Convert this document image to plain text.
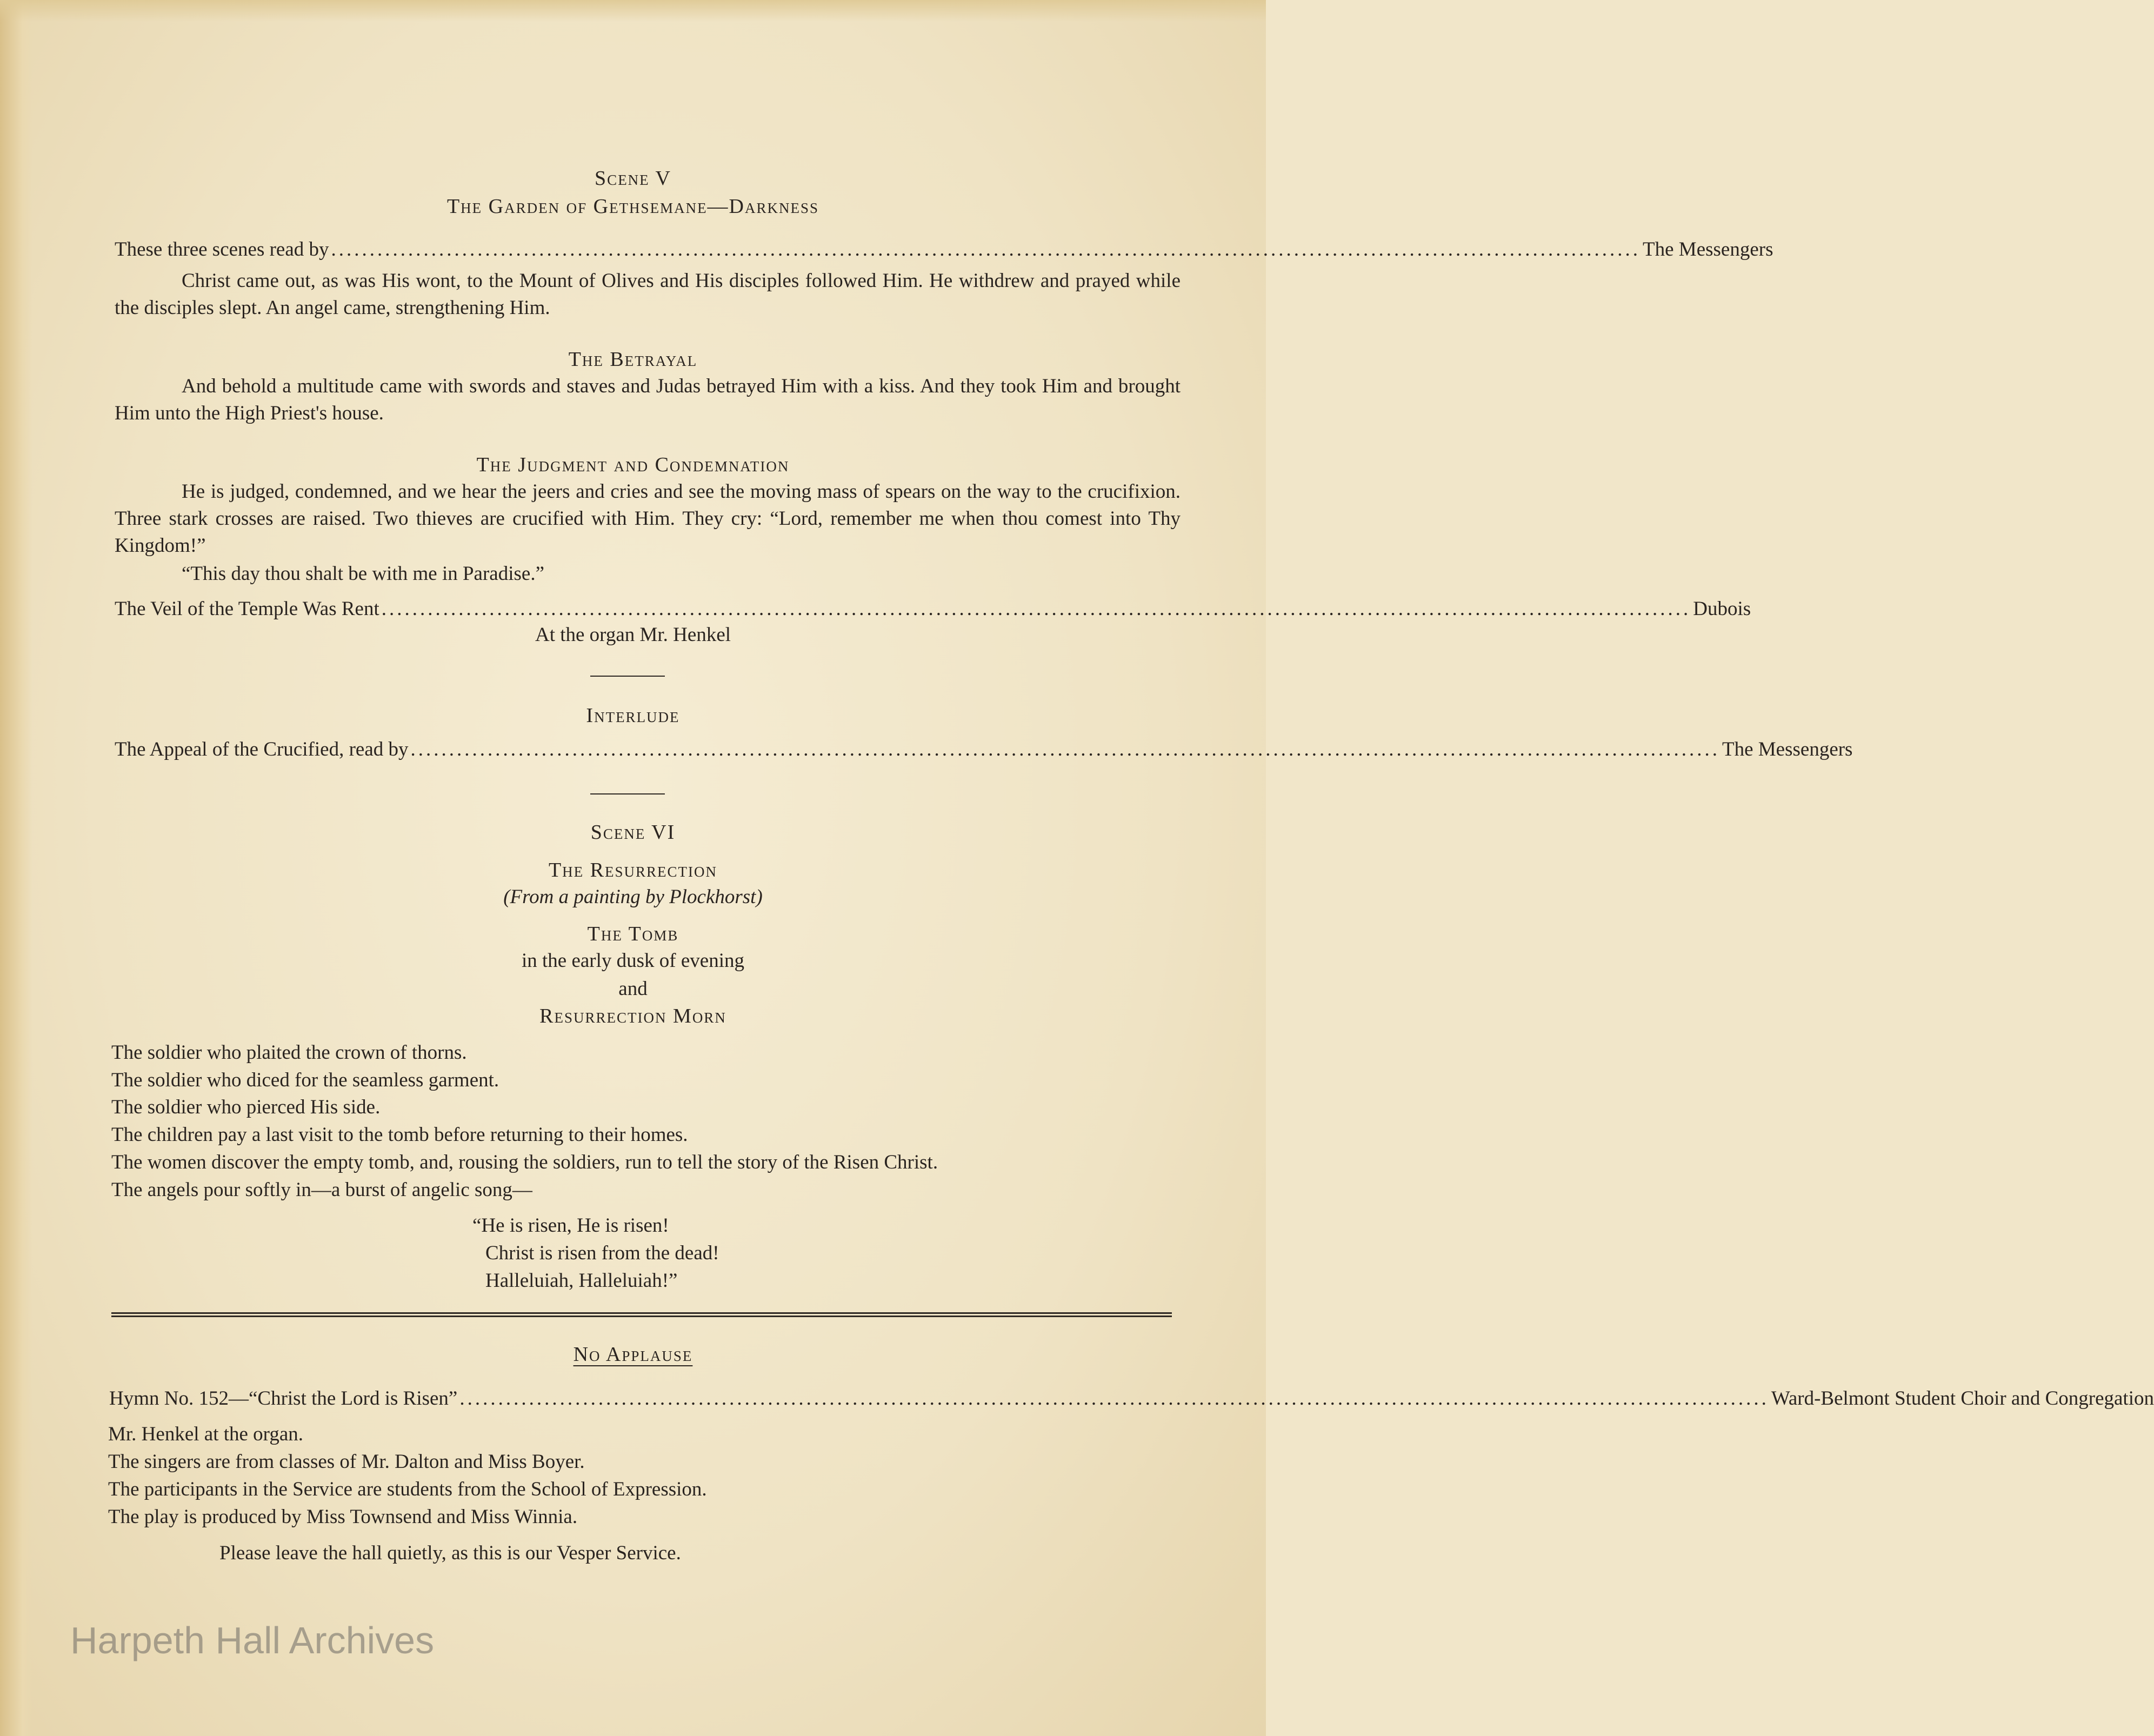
Scene V
The Garden of Gethsemane—Darkness
These three scenes read by .......................................................................................................................................................................... The Messengers
Christ came out, as was His wont, to the Mount of Olives and His disciples followed Him. He withdrew and prayed while the disciples slept. An angel came, strengthening Him.
The Betrayal
And behold a multitude came with swords and staves and Judas betrayed Him with a kiss. And they took Him and brought Him unto the High Priest's house.
The Judgment and Condemnation
He is judged, condemned, and we hear the jeers and cries and see the moving mass of spears on the way to the crucifixion. Three stark crosses are raised. Two thieves are crucified with Him. They cry: “Lord, remember me when thou comest into Thy Kingdom!”
“This day thou shalt be with me in Paradise.”
The Veil of the Temple Was Rent .......................................................................................................................................................................... Dubois
At the organ Mr. Henkel
Interlude
The Appeal of the Crucified, read by .......................................................................................................................................................................... The Messengers
Scene VI
The Resurrection
(From a painting by Plockhorst)
The Tomb
in the early dusk of evening
and
Resurrection Morn
The soldier who plaited the crown of thorns.
The soldier who diced for the seamless garment.
The soldier who pierced His side.
The children pay a last visit to the tomb before returning to their homes.
The women discover the empty tomb, and, rousing the soldiers, run to tell the story of the Risen Christ.
The angels pour softly in—a burst of angelic song—
“He is risen, He is risen!
Christ is risen from the dead!
Halleluiah, Halleluiah!”
No Applause
Hymn No. 152—“Christ the Lord is Risen” .......................................................................................................................................................................... Ward-Belmont Student Choir and Congregation
Mr. Henkel at the organ.
The singers are from classes of Mr. Dalton and Miss Boyer.
The participants in the Service are students from the School of Expression.
The play is produced by Miss Townsend and Miss Winnia.
Please leave the hall quietly, as this is our Vesper Service.
Harpeth Hall Archives
